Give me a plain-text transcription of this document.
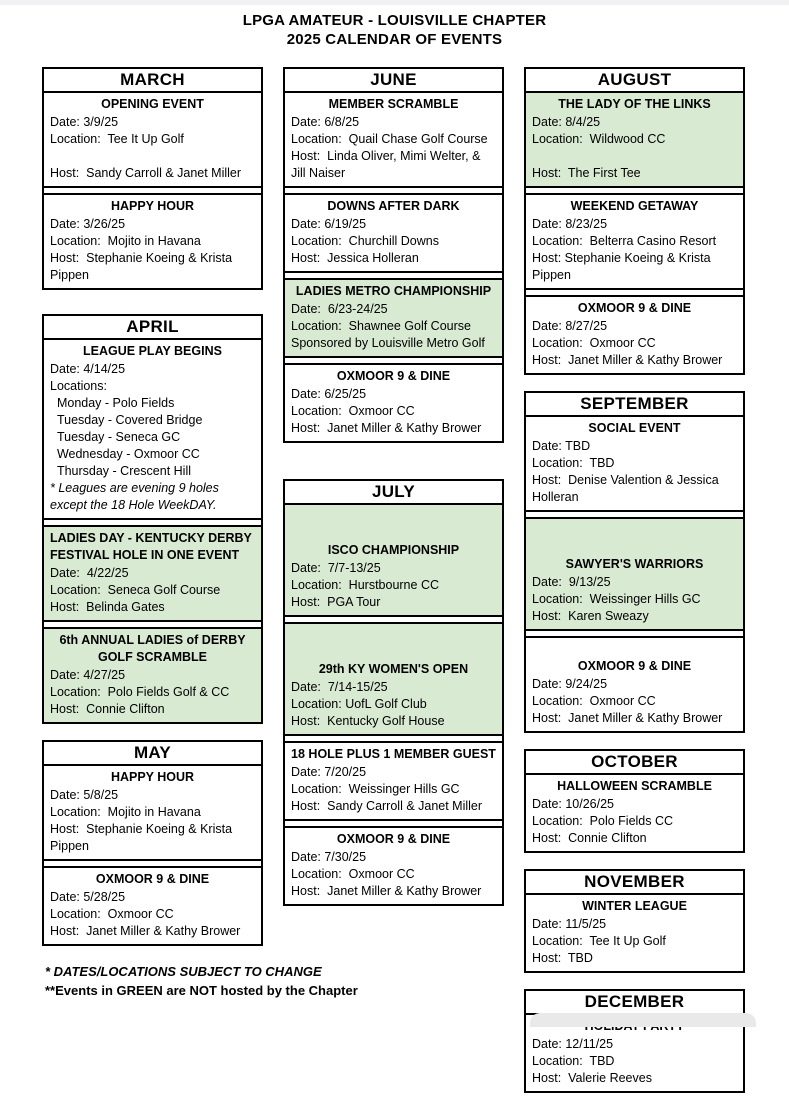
LPGA AMATEUR - LOUISVILLE CHAPTER
2025 CALENDAR OF EVENTS
MARCH
OPENING EVENT
Date: 3/9/25
Location:  Tee It Up Golf

Host:  Sandy Carroll & Janet Miller
HAPPY HOUR
Date: 3/26/25
Location:  Mojito in Havana
Host:  Stephanie Koeing & Krista Pippen
APRIL
LEAGUE PLAY BEGINS
Date: 4/14/25
Locations:
Monday - Polo Fields
Tuesday - Covered Bridge
Tuesday - Seneca GC
Wednesday - Oxmoor CC
Thursday - Crescent Hill
* Leagues are evening 9 holes except the 18 Hole WeekDAY.
LADIES DAY - KENTUCKY DERBY FESTIVAL HOLE IN ONE EVENT
Date:  4/22/25
Location:  Seneca Golf Course
Host:  Belinda Gates
6th ANNUAL LADIES of DERBY GOLF SCRAMBLE
Date: 4/27/25
Location:  Polo Fields Golf & CC
Host:  Connie Clifton
MAY
HAPPY HOUR
Date: 5/8/25
Location:  Mojito in Havana
Host:  Stephanie Koeing & Krista Pippen
OXMOOR 9 & DINE
Date: 5/28/25
Location:  Oxmoor CC
Host:  Janet Miller & Kathy Brower
JUNE
MEMBER SCRAMBLE
Date: 6/8/25
Location:  Quail Chase Golf Course
Host:  Linda Oliver, Mimi Welter, & Jill Naiser
DOWNS AFTER DARK
Date: 6/19/25
Location:  Churchill Downs
Host:  Jessica Holleran
LADIES METRO CHAMPIONSHIP
Date:  6/23-24/25
Location:  Shawnee Golf Course
Sponsored by Louisville Metro Golf
OXMOOR 9 & DINE
Date: 6/25/25
Location:  Oxmoor CC
Host:  Janet Miller & Kathy Brower
JULY
ISCO CHAMPIONSHIP
Date:  7/7-13/25
Location:  Hurstbourne CC
Host:  PGA Tour
29th KY WOMEN'S OPEN
Date:  7/14-15/25
Location: UofL Golf Club
Host:  Kentucky Golf House
18 HOLE PLUS 1 MEMBER GUEST
Date: 7/20/25
Location:  Weissinger Hills GC
Host:  Sandy Carroll & Janet Miller
OXMOOR 9 & DINE
Date: 7/30/25
Location:  Oxmoor CC
Host:  Janet Miller & Kathy Brower
AUGUST
THE LADY OF THE LINKS
Date: 8/4/25
Location:  Wildwood CC

Host:  The First Tee
WEEKEND GETAWAY
Date: 8/23/25
Location:  Belterra Casino Resort
Host: Stephanie Koeing & Krista Pippen
OXMOOR 9 & DINE
Date: 8/27/25
Location:  Oxmoor CC
Host:  Janet Miller & Kathy Brower
SEPTEMBER
SOCIAL EVENT
Date: TBD
Location:  TBD
Host:  Denise Valention & Jessica Holleran
SAWYER'S WARRIORS
Date:  9/13/25
Location:  Weissinger Hills GC
Host:  Karen Sweazy
OXMOOR 9 & DINE
Date: 9/24/25
Location:  Oxmoor CC
Host:  Janet Miller & Kathy Brower
OCTOBER
HALLOWEEN SCRAMBLE
Date: 10/26/25
Location:  Polo Fields CC
Host:  Connie Clifton
NOVEMBER
WINTER LEAGUE
Date: 11/5/25
Location:  Tee It Up Golf
Host:  TBD
DECEMBER
Date: 12/11/25
Location:  TBD
Host:  Valerie Reeves
* DATES/LOCATIONS SUBJECT TO CHANGE
**Events in GREEN are NOT hosted by the Chapter
